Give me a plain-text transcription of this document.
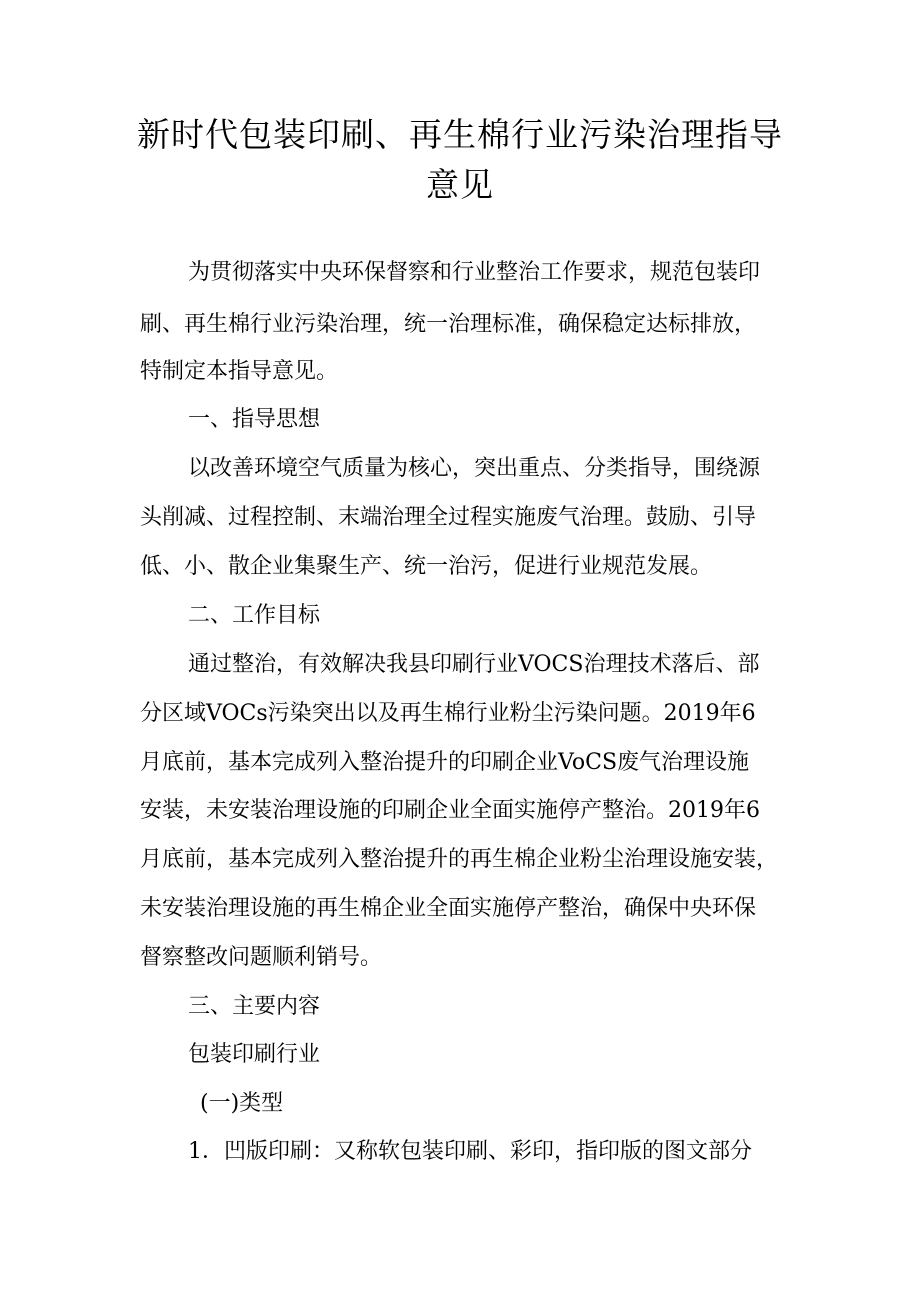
新时代包装印刷、再生棉行业污染治理指导
意见
为贯彻落实中央环保督察和行业整治工作要求，规范包装印
刷、再生棉行业污染治理，统一治理标准，确保稳定达标排放，
特制定本指导意见。
一、指导思想
以改善环境空气质量为核心，突出重点、分类指导，围绕源
头削减、过程控制、末端治理全过程实施废气治理。鼓励、引导
低、小、散企业集聚生产、统一治污，促进行业规范发展。
二、工作目标
通过整治，有效解决我县印刷行业VOCS治理技术落后、部
分区域VOCs污染突出以及再生棉行业粉尘污染问题。2019年6
月底前，基本完成列入整治提升的印刷企业VoCS废气治理设施
安装，未安装治理设施的印刷企业全面实施停产整治。2019年6
月底前，基本完成列入整治提升的再生棉企业粉尘治理设施安装，
未安装治理设施的再生棉企业全面实施停产整治，确保中央环保
督察整改问题顺利销号。
三、主要内容
包装印刷行业
(一)类型
1．凹版印刷：又称软包装印刷、彩印，指印版的图文部分
